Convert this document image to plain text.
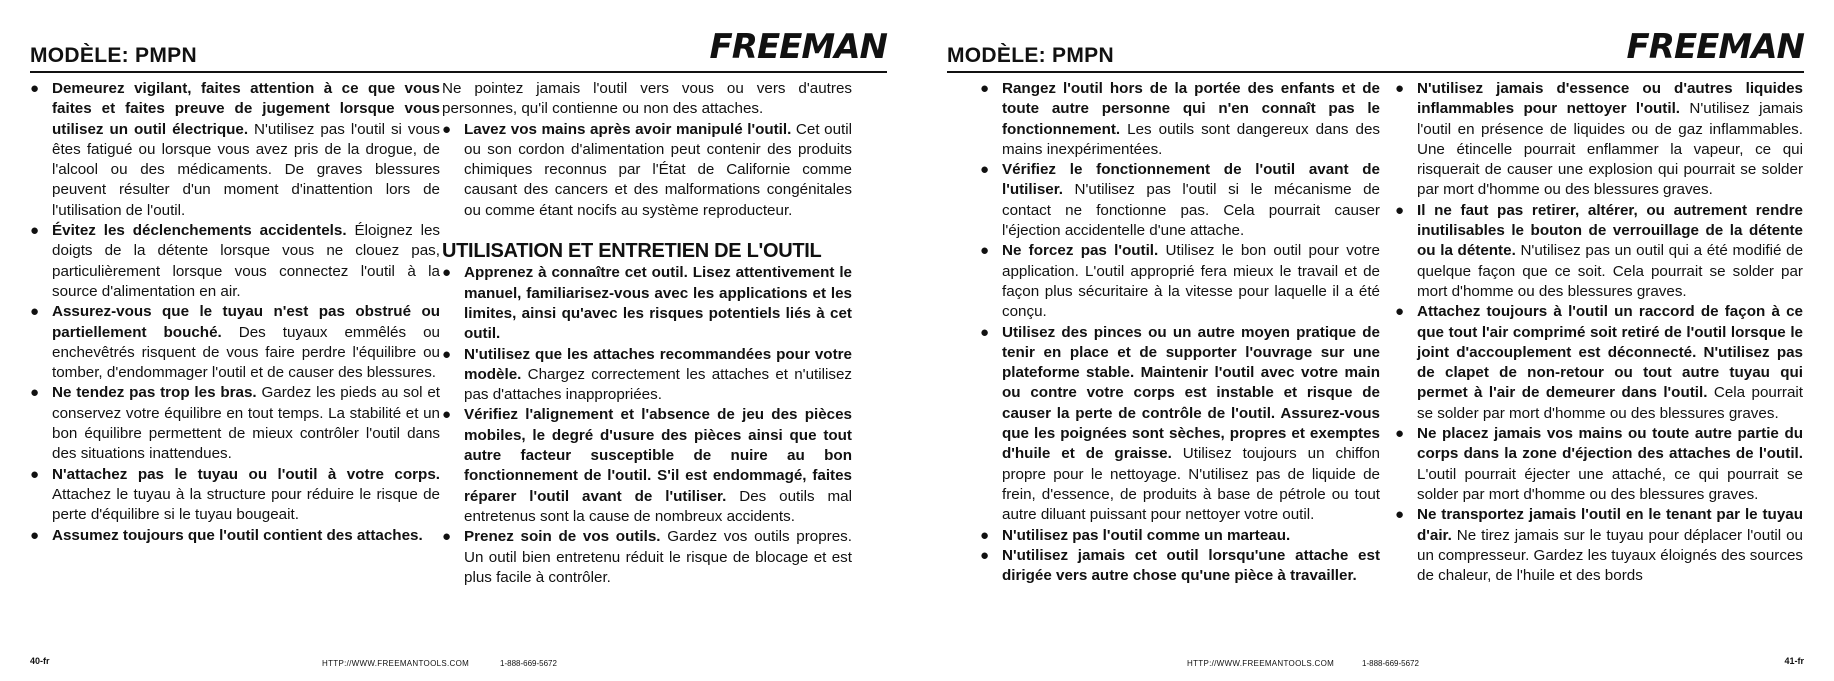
MODÈLE: PMPN	FREEMAN

● Demeurez vigilant, faites attention à ce que vous faites et faites preuve de jugement lorsque vous utilisez un outil électrique. N'utilisez pas l'outil si vous êtes fatigué ou lorsque vous avez pris de la drogue, de l'alcool ou des médicaments. De graves blessures peuvent résulter d'un moment d'inattention lors de l'utilisation de l'outil.

● Évitez les déclenchements accidentels. Éloignez les doigts de la détente lorsque vous ne clouez pas, particulièrement lorsque vous connectez l'outil à la source d'alimentation en air.

● Assurez-vous que le tuyau n'est pas obstrué ou partiellement bouché. Des tuyaux emmêlés ou enchevêtrés risquent de vous faire perdre l'équilibre ou tomber, d'endommager l'outil et de causer des blessures.

● Ne tendez pas trop les bras. Gardez les pieds au sol et conservez votre équilibre en tout temps. La stabilité et un bon équilibre permettent de mieux contrôler l'outil dans des situations inattendues.

● N'attachez pas le tuyau ou l'outil à votre corps. Attachez le tuyau à la structure pour réduire le risque de perte d'équilibre si le tuyau bougeait.

● Assumez toujours que l'outil contient des attaches.

Ne pointez jamais l'outil vers vous ou vers d'autres personnes, qu'il contienne ou non des attaches.

● Lavez vos mains après avoir manipulé l'outil. Cet outil ou son cordon d'alimentation peut contenir des produits chimiques reconnus par l'État de Californie comme causant des cancers et des malformations congénitales ou comme étant nocifs au système reproducteur.

UTILISATION ET ENTRETIEN DE L'OUTIL

● Apprenez à connaître cet outil. Lisez attentivement le manuel, familiarisez-vous avec les applications et les limites, ainsi qu'avec les risques potentiels liés à cet outil.

● N'utilisez que les attaches recommandées pour votre modèle. Chargez correctement les attaches et n'utilisez pas d'attaches inappropriées.

● Vérifiez l'alignement et l'absence de jeu des pièces mobiles, le degré d'usure des pièces ainsi que tout autre facteur susceptible de nuire au bon fonctionnement de l'outil. S'il est endommagé, faites réparer l'outil avant de l'utiliser. Des outils mal entretenus sont la cause de nombreux accidents.

● Prenez soin de vos outils. Gardez vos outils propres. Un outil bien entretenu réduit le risque de blocage et est plus facile à contrôler.

40-fr	HTTP://WWW.FREEMANTOOLS.COM	1-888-669-5672
MODÈLE: PMPN	FREEMAN

● Rangez l'outil hors de la portée des enfants et de toute autre personne qui n'en connaît pas le fonctionnement. Les outils sont dangereux dans des mains inexpérimentées.

● Vérifiez le fonctionnement de l'outil avant de l'utiliser. N'utilisez pas l'outil si le mécanisme de contact ne fonctionne pas. Cela pourrait causer l'éjection accidentelle d'une attache.

● Ne forcez pas l'outil. Utilisez le bon outil pour votre application. L'outil approprié fera mieux le travail et de façon plus sécuritaire à la vitesse pour laquelle il a été conçu.

● Utilisez des pinces ou un autre moyen pratique de tenir en place et de supporter l'ouvrage sur une plateforme stable. Maintenir l'outil avec votre main ou contre votre corps est instable et risque de causer la perte de contrôle de l'outil. Assurez-vous que les poignées sont sèches, propres et exemptes d'huile et de graisse. Utilisez toujours un chiffon propre pour le nettoyage. N'utilisez pas de liquide de frein, d'essence, de produits à base de pétrole ou tout autre diluant puissant pour nettoyer votre outil.

● N'utilisez pas l'outil comme un marteau.

● N'utilisez jamais cet outil lorsqu'une attache est dirigée vers autre chose qu'une pièce à travailler.

● N'utilisez jamais d'essence ou d'autres liquides inflammables pour nettoyer l'outil. N'utilisez jamais l'outil en présence de liquides ou de gaz inflammables. Une étincelle pourrait enflammer la vapeur, ce qui risquerait de causer une explosion qui pourrait se solder par mort d'homme ou des blessures graves.

● Il ne faut pas retirer, altérer, ou autrement rendre inutilisables le bouton de verrouillage de la détente ou la détente. N'utilisez pas un outil qui a été modifié de quelque façon que ce soit. Cela pourrait se solder par mort d'homme ou des blessures graves.

● Attachez toujours à l'outil un raccord de façon à ce que tout l'air comprimé soit retiré de l'outil lorsque le joint d'accouplement est déconnecté. N'utilisez pas de clapet de non-retour ou tout autre tuyau qui permet à l'air de demeurer dans l'outil. Cela pourrait se solder par mort d'homme ou des blessures graves.

● Ne placez jamais vos mains ou toute autre partie du corps dans la zone d'éjection des attaches de l'outil. L'outil pourrait éjecter une attaché, ce qui pourrait se solder par mort d'homme ou des blessures graves.

● Ne transportez jamais l'outil en le tenant par le tuyau d'air. Ne tirez jamais sur le tuyau pour déplacer l'outil ou un compresseur. Gardez les tuyaux éloignés des sources de chaleur, de l'huile et des bords

HTTP://WWW.FREEMANTOOLS.COM	1-888-669-5672	41-fr
